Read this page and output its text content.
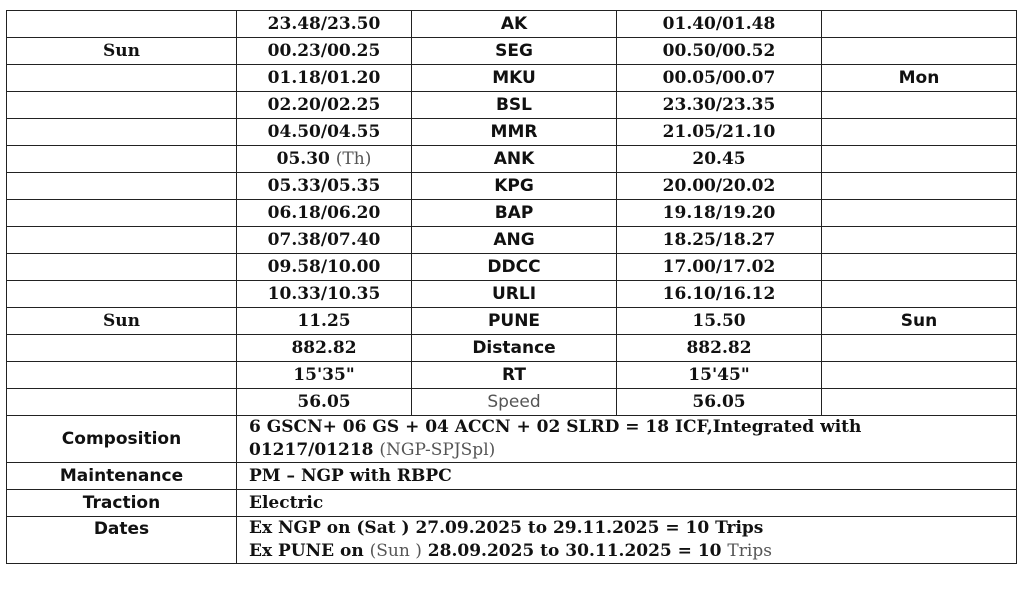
	23.48/23.50	AK	01.40/01.48	
Sun	00.23/00.25	SEG	00.50/00.52	
	01.18/01.20	MKU	00.05/00.07	Mon
	02.20/02.25	BSL	23.30/23.35	
	04.50/04.55	MMR	21.05/21.10	
	05.30 (Th)	ANK	20.45	
	05.33/05.35	KPG	20.00/20.02	
	06.18/06.20	BAP	19.18/19.20	
	07.38/07.40	ANG	18.25/18.27	
	09.58/10.00	DDCC	17.00/17.02	
	10.33/10.35	URLI	16.10/16.12	
Sun	11.25	PUNE	15.50	Sun
	882.82	Distance	882.82	
	15'35"	RT	15'45"	
	56.05	Speed	56.05	
Composition	6 GSCN+ 06 GS + 04 ACCN + 02 SLRD = 18 ICF,Integrated with
01217/01218 (NGP-SPJSpl)			

Maintenance	PM – NGP with RBPC			
Traction	Electric			
Dates	Ex NGP on (Sat ) 27.09.2025 to 29.11.2025 = 10 Trips
Ex PUNE on (Sun ) 28.09.2025 to 30.11.2025 = 10 Trips			
